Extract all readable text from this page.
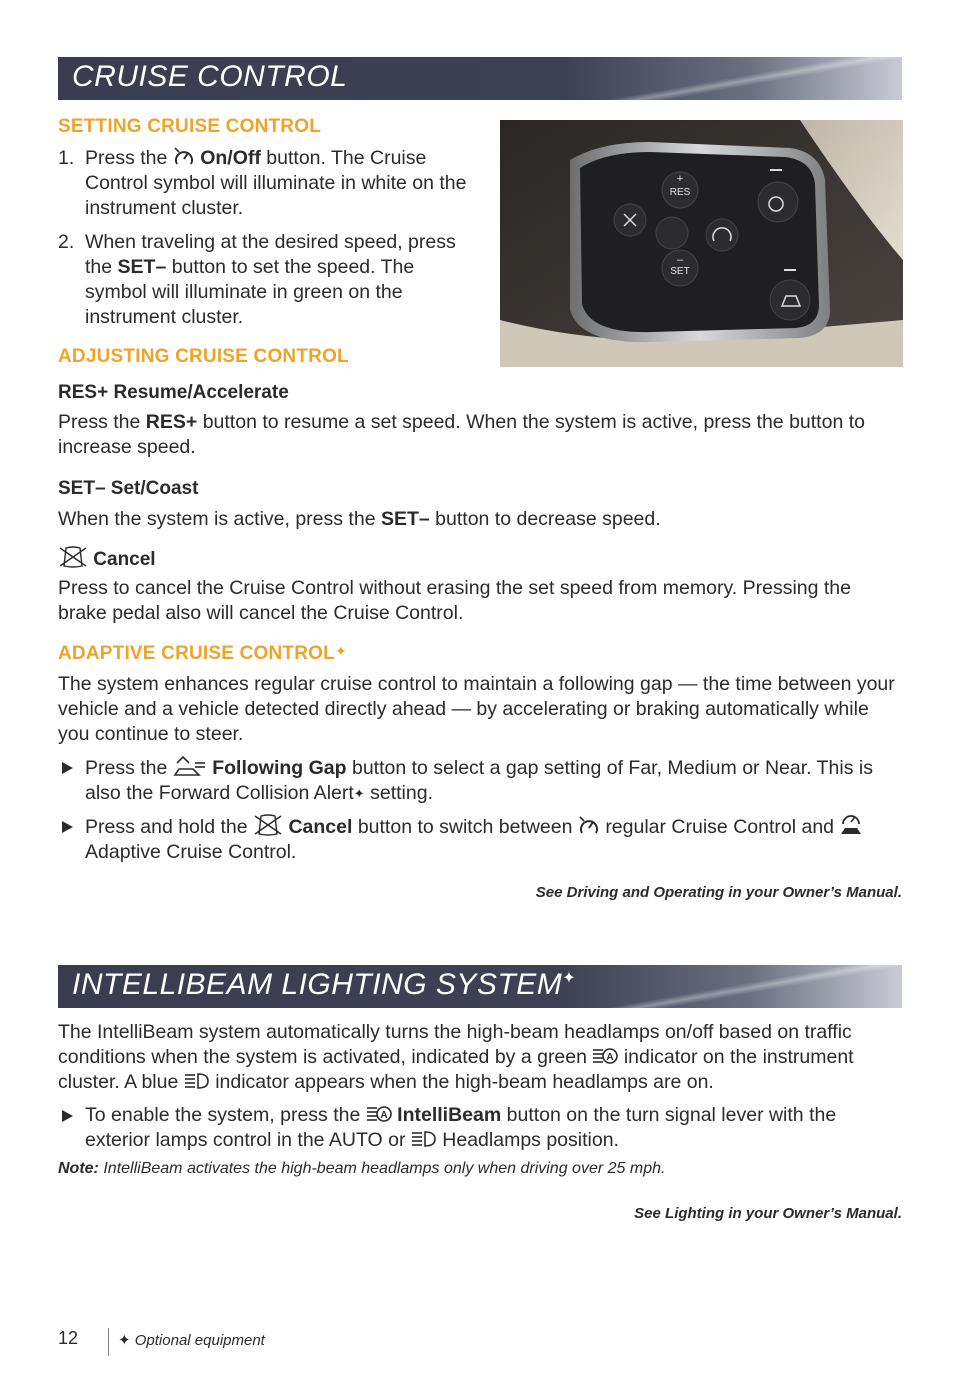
CRUISE CONTROL
SETTING CRUISE CONTROL
1. Press the On/Off button. The Cruise Control symbol will illuminate in white on the instrument cluster.
2. When traveling at the desired speed, press the SET– button to set the speed. The symbol will illuminate in green on the instrument cluster.
+
RES
–
SET
ADJUSTING CRUISE CONTROL
RES+ Resume/Accelerate
Press the RES+ button to resume a set speed. When the system is active, press the button to increase speed.
SET– Set/Coast
When the system is active, press the SET– button to decrease speed.
Cancel
Press to cancel the Cruise Control without erasing the set speed from memory. Pressing the brake pedal also will cancel the Cruise Control.
ADAPTIVE CRUISE CONTROL✦
The system enhances regular cruise control to maintain a following gap — the time between your vehicle and a vehicle detected directly ahead — by accelerating or braking automatically while you continue to steer.
Press the Following Gap button to select a gap setting of Far, Medium or Near. This is also the Forward Collision Alert✦ setting.
Press and hold the Cancel button to switch between regular Cruise Control and  Adaptive Cruise Control.
See Driving and Operating in your Owner’s Manual.
INTELLIBEAM LIGHTING SYSTEM✦
The IntelliBeam system automatically turns the high-beam headlamps on/off based on traffic conditions when the system is activated, indicated by a green A indicator on the instrument cluster. A blue indicator appears when the high-beam headlamps are on.
To enable the system, press the A IntelliBeam button on the turn signal lever with the exterior lamps control in the AUTO or Headlamps position.
Note: IntelliBeam activates the high-beam headlamps only when driving over 25 mph.
See Lighting in your Owner’s Manual.
12	✦ Optional equipment
